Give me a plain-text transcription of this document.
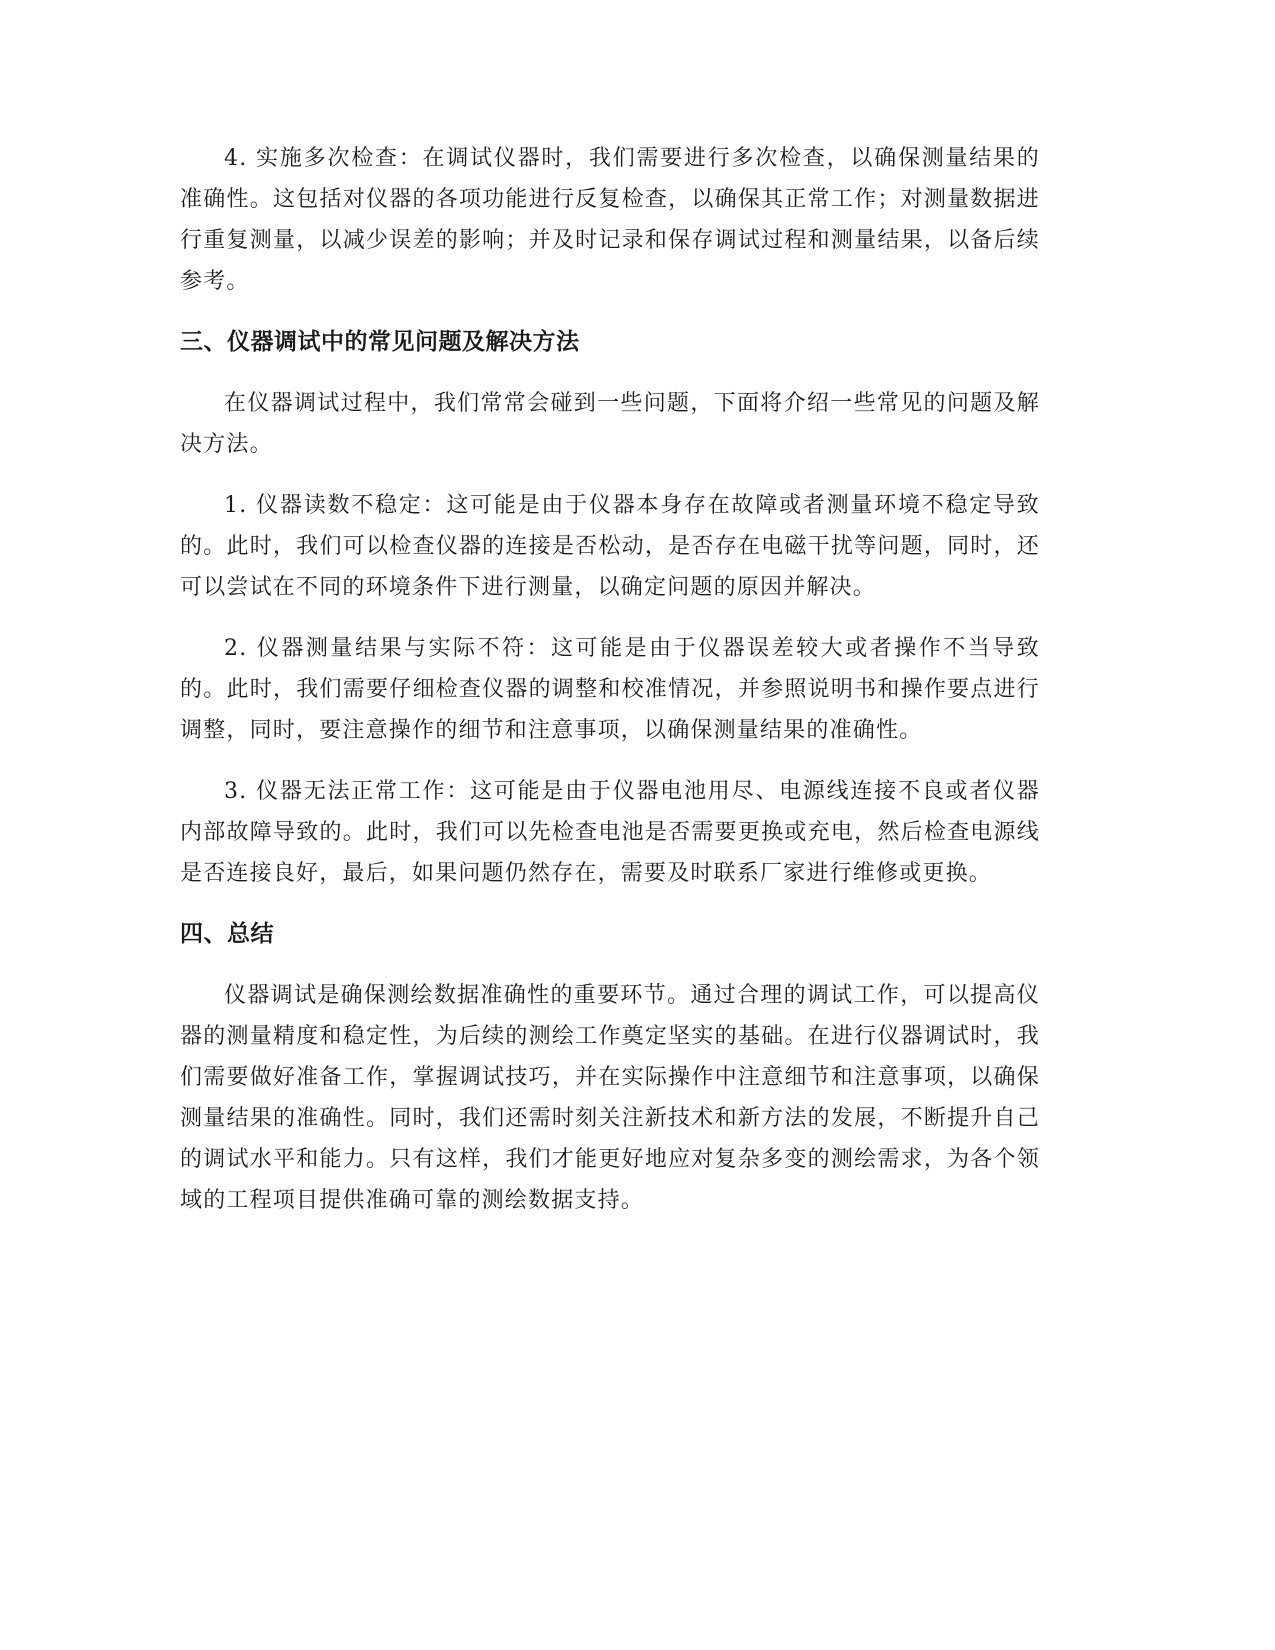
4. 实施多次检查：在调试仪器时，我们需要进行多次检查，以确保测量结果的准确性。这包括对仪器的各项功能进行反复检查，以确保其正常工作；对测量数据进行重复测量，以减少误差的影响；并及时记录和保存调试过程和测量结果，以备后续参考。

三、仪器调试中的常见问题及解决方法

在仪器调试过程中，我们常常会碰到一些问题，下面将介绍一些常见的问题及解决方法。

1. 仪器读数不稳定：这可能是由于仪器本身存在故障或者测量环境不稳定导致的。此时，我们可以检查仪器的连接是否松动，是否存在电磁干扰等问题，同时，还可以尝试在不同的环境条件下进行测量，以确定问题的原因并解决。

2. 仪器测量结果与实际不符：这可能是由于仪器误差较大或者操作不当导致的。此时，我们需要仔细检查仪器的调整和校准情况，并参照说明书和操作要点进行调整，同时，要注意操作的细节和注意事项，以确保测量结果的准确性。

3. 仪器无法正常工作：这可能是由于仪器电池用尽、电源线连接不良或者仪器内部故障导致的。此时，我们可以先检查电池是否需要更换或充电，然后检查电源线是否连接良好，最后，如果问题仍然存在，需要及时联系厂家进行维修或更换。

四、总结

仪器调试是确保测绘数据准确性的重要环节。通过合理的调试工作，可以提高仪器的测量精度和稳定性，为后续的测绘工作奠定坚实的基础。在进行仪器调试时，我们需要做好准备工作，掌握调试技巧，并在实际操作中注意细节和注意事项，以确保测量结果的准确性。同时，我们还需时刻关注新技术和新方法的发展，不断提升自己的调试水平和能力。只有这样，我们才能更好地应对复杂多变的测绘需求，为各个领域的工程项目提供准确可靠的测绘数据支持。
